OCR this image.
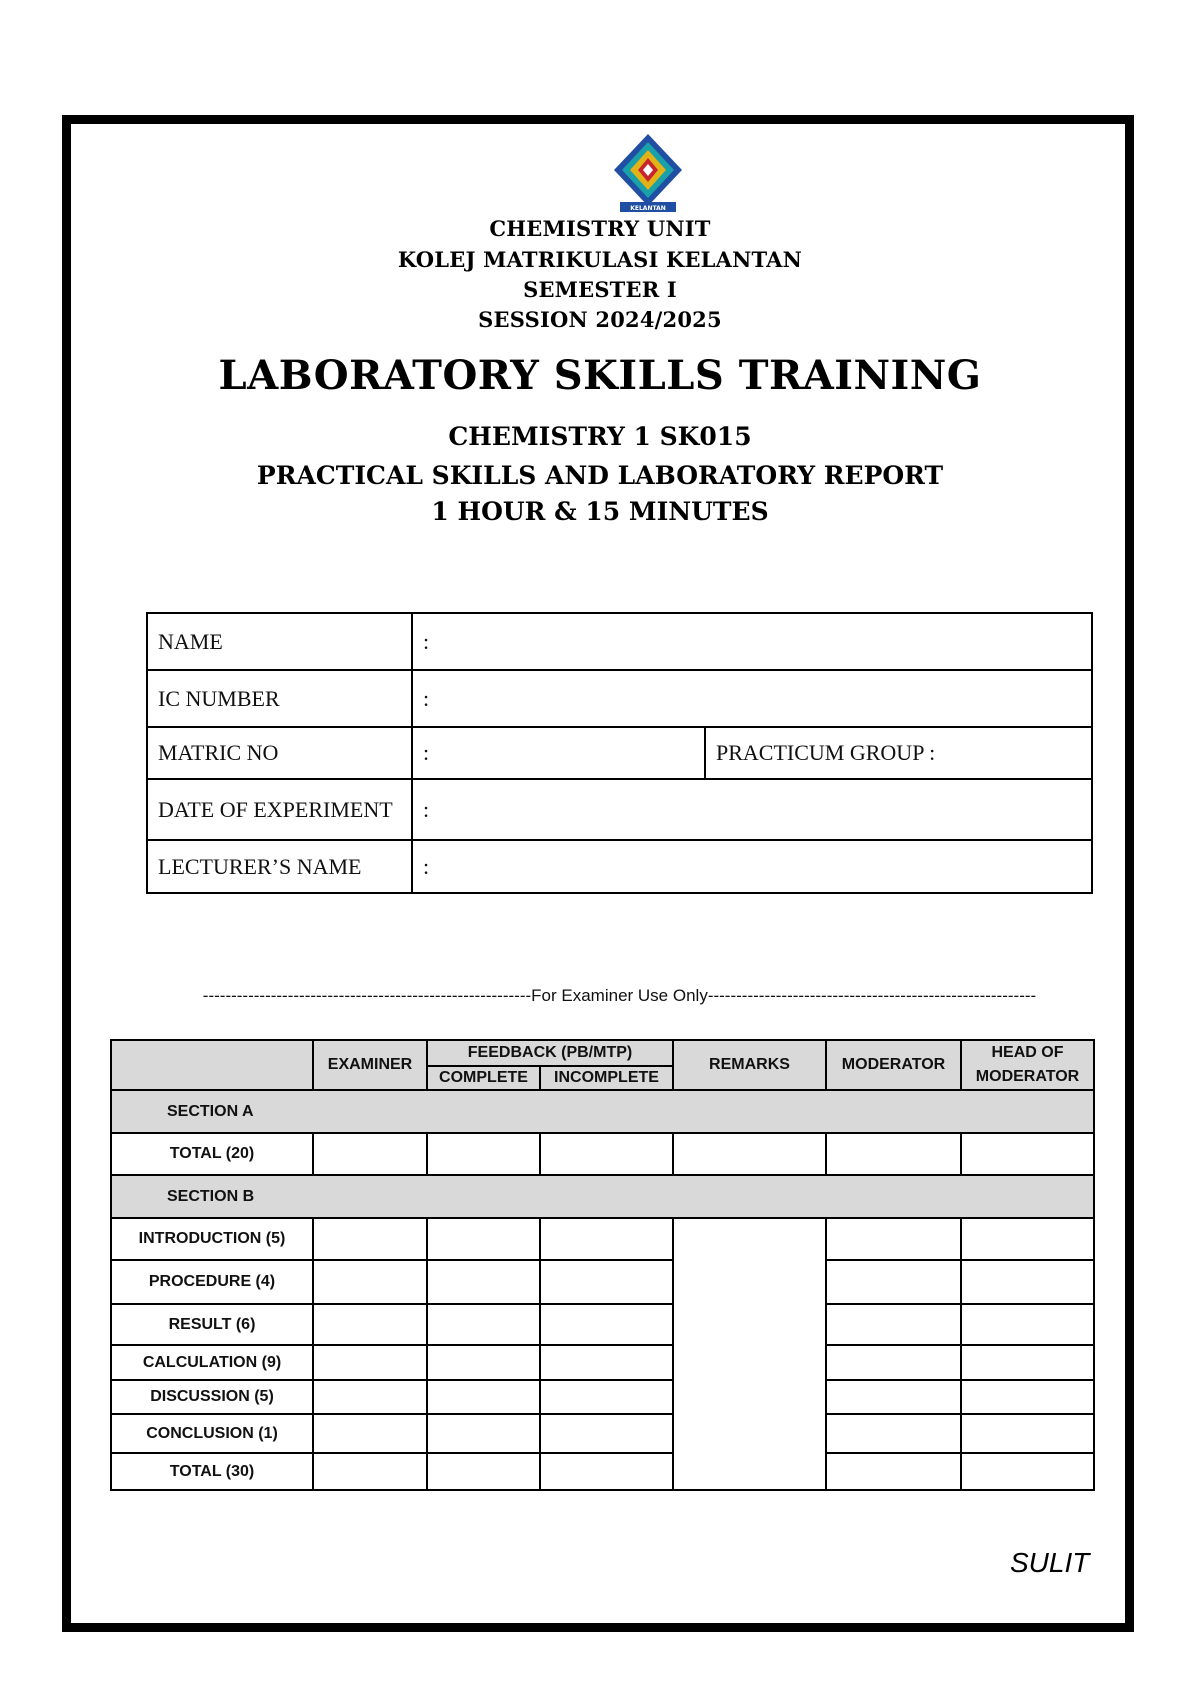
KELANTAN
CHEMISTRY UNIT
KOLEJ MATRIKULASI KELANTAN
SEMESTER I
SESSION 2024/2025
LABORATORY SKILLS TRAINING
CHEMISTRY 1 SK015
PRACTICAL SKILLS AND LABORATORY REPORT
1 HOUR & 15 MINUTES
NAME	:	
IC NUMBER	:	
MATRIC NO	:	PRACTICUM GROUP :
DATE OF EXPERIMENT	:	
LECTURER’S NAME	:	
----------------------------------------------------------For Examiner Use Only----------------------------------------------------------
	EXAMINER	FEEDBACK (PB/MTP)		REMARKS	MODERATOR	HEAD OF MODERATOR
		COMPLETE	INCOMPLETE			
SECTION A						
TOTAL (20)						
SECTION B						
INTRODUCTION (5)						
PROCEDURE (4)						
RESULT (6)						
CALCULATION (9)						
DISCUSSION (5)						
CONCLUSION (1)						
TOTAL (30)						
SULIT
